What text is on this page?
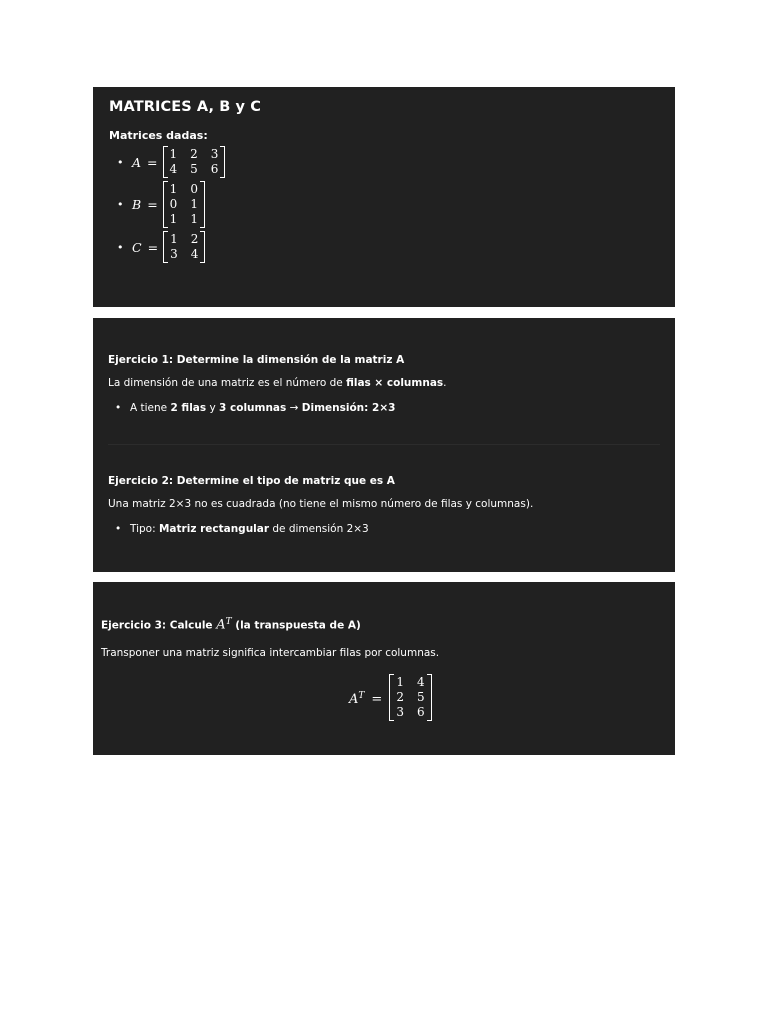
MATRICES A, B y C
Matrices dadas:
• A =
1 2 3
4 5 6
• B =
1 0
0 1
1 1
• C =
1 2
3 4
Ejercicio 1: Determine la dimensión de la matriz A
La dimensión de una matriz es el número de filas × columnas.
• A tiene 2 filas y 3 columnas → Dimensión: 2×3
Ejercicio 2: Determine el tipo de matriz que es A
Una matriz 2×3 no es cuadrada (no tiene el mismo número de filas y columnas).
• Tipo: Matriz rectangular de dimensión 2×3
Ejercicio 3: Calcule $A^T$ (la transpuesta de A)
Transponer una matriz significa intercambiar filas por columnas.
$A^T$ =
1 4
2 5
3 6
